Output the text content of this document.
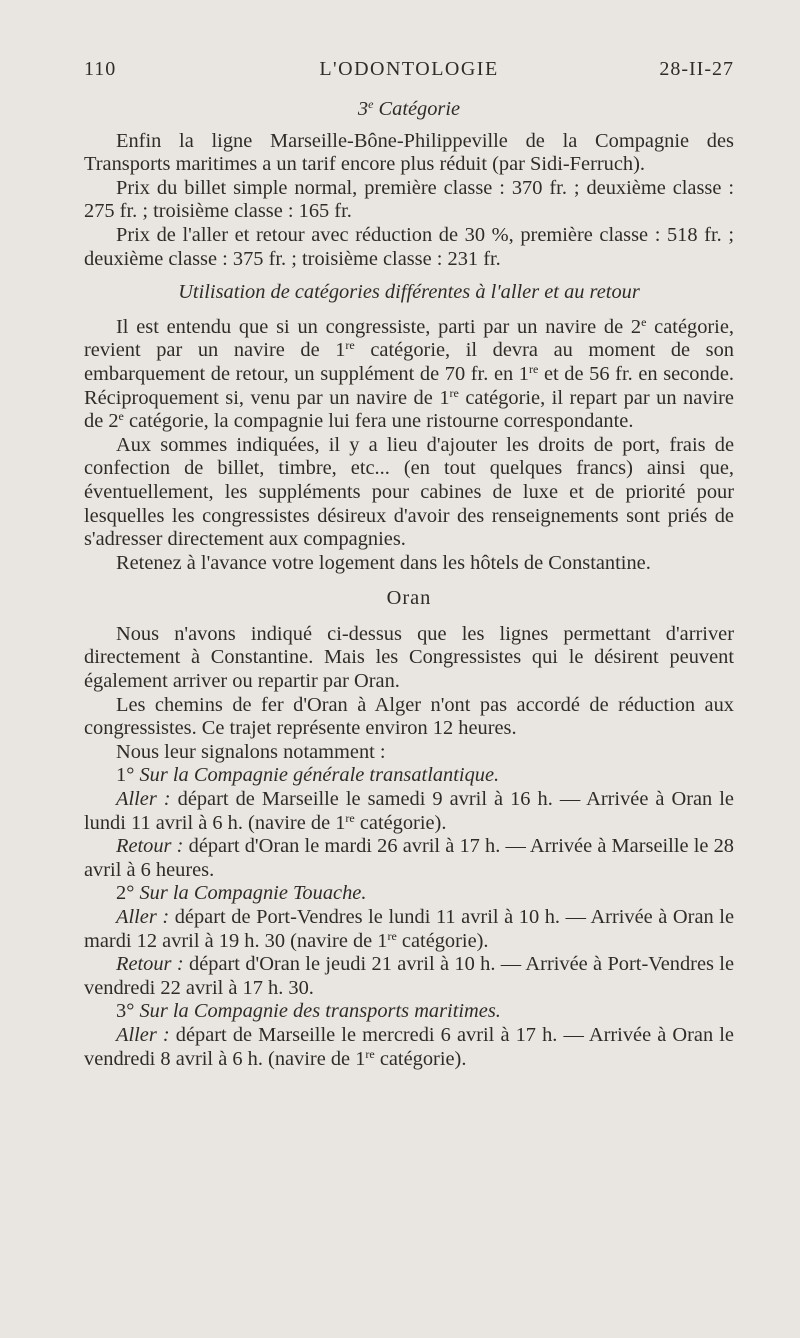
110	L'ODONTOLOGIE	28-II-27
3e Catégorie

Enfin la ligne Marseille-Bône-Philippeville de la Compagnie des Transports maritimes a un tarif encore plus réduit (par Sidi-Ferruch).

Prix du billet simple normal, première classe : 370 fr. ; deuxième classe : 275 fr. ; troisième classe : 165 fr.

Prix de l'aller et retour avec réduction de 30 %, première classe : 518 fr. ; deuxième classe : 375 fr. ; troisième classe : 231 fr.

Utilisation de catégories différentes à l'aller et au retour

Il est entendu que si un congressiste, parti par un navire de 2e catégorie, revient par un navire de 1re catégorie, il devra au moment de son embarquement de retour, un supplément de 70 fr. en 1re et de 56 fr. en seconde. Réciproquement si, venu par un navire de 1re catégorie, il repart par un navire de 2e catégorie, la compagnie lui fera une ristourne correspondante.

Aux sommes indiquées, il y a lieu d'ajouter les droits de port, frais de confection de billet, timbre, etc... (en tout quelques francs) ainsi que, éventuellement, les suppléments pour cabines de luxe et de priorité pour lesquelles les congressistes désireux d'avoir des renseignements sont priés de s'adresser directement aux compagnies.

Retenez à l'avance votre logement dans les hôtels de Constantine.

Oran

Nous n'avons indiqué ci-dessus que les lignes permettant d'arriver directement à Constantine. Mais les Congressistes qui le désirent peuvent également arriver ou repartir par Oran.

Les chemins de fer d'Oran à Alger n'ont pas accordé de réduction aux congressistes. Ce trajet représente environ 12 heures.

Nous leur signalons notamment :

1° Sur la Compagnie générale transatlantique.

Aller : départ de Marseille le samedi 9 avril à 16 h. — Arrivée à Oran le lundi 11 avril à 6 h. (navire de 1re catégorie).

Retour : départ d'Oran le mardi 26 avril à 17 h. — Arrivée à Marseille le 28 avril à 6 heures.

2° Sur la Compagnie Touache.

Aller : départ de Port-Vendres le lundi 11 avril à 10 h. — Arrivée à Oran le mardi 12 avril à 19 h. 30 (navire de 1re catégorie).

Retour : départ d'Oran le jeudi 21 avril à 10 h. — Arrivée à Port-Vendres le vendredi 22 avril à 17 h. 30.

3° Sur la Compagnie des transports maritimes.

Aller : départ de Marseille le mercredi 6 avril à 17 h. — Arrivée à Oran le vendredi 8 avril à 6 h. (navire de 1re catégorie).
